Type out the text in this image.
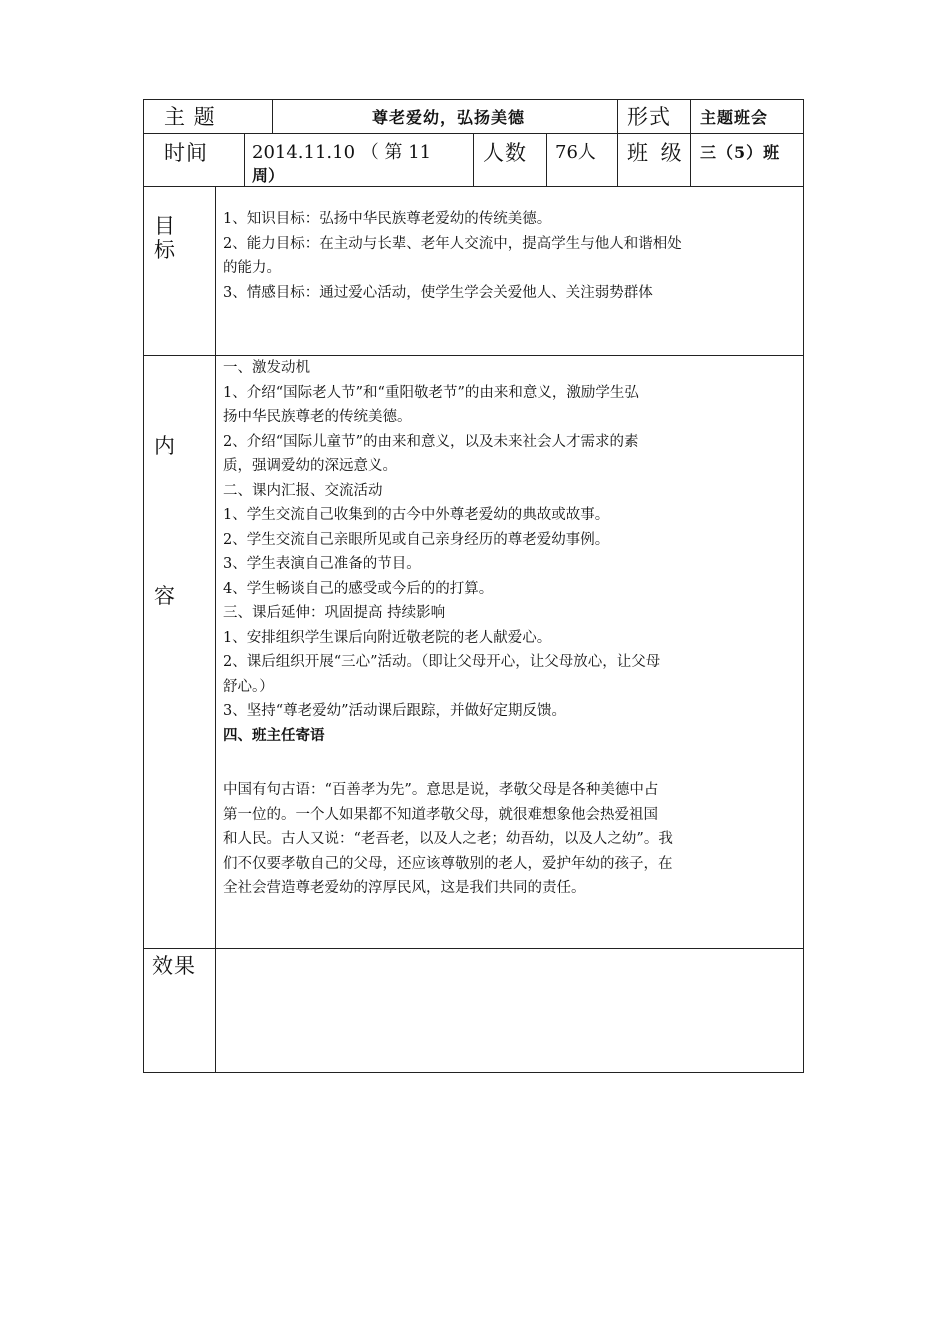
主 题	尊老爱幼，弘扬美德	形式 主题班会
时间 2014.11.10 （ 第 11
周）
人数 76人 班 级 三（5）班
目
标
1、知识目标：弘扬中华民族尊老爱幼的传统美德。
2、能力目标：在主动与长辈、老年人交流中，提高学生与他人和谐相处
的能力。
3、情感目标：通过爱心活动，使学生学会关爱他人、关注弱势群体
内
容
一、激发动机
1、介绍“国际老人节”和“重阳敬老节”的由来和意义，激励学生弘
扬中华民族尊老的传统美德。
2、介绍“国际儿童节”的由来和意义，以及未来社会人才需求的素
质，强调爱幼的深远意义。
二、课内汇报、交流活动
1、学生交流自己收集到的古今中外尊老爱幼的典故或故事。
2、学生交流自己亲眼所见或自己亲身经历的尊老爱幼事例。
3、学生表演自己准备的节目。
4、学生畅谈自己的感受或今后的的打算。
三、课后延伸：巩固提高 持续影响
1、安排组织学生课后向附近敬老院的老人献爱心。
2、课后组织开展“三心”活动。（即让父母开心，让父母放心，让父母
舒心。）
3、坚持“尊老爱幼”活动课后跟踪，并做好定期反馈。
四、班主任寄语
中国有句古语：“百善孝为先”。意思是说，孝敬父母是各种美德中占
第一位的。一个人如果都不知道孝敬父母，就很难想象他会热爱祖国
和人民。古人又说：“老吾老，以及人之老；幼吾幼，以及人之幼”。我
们不仅要孝敬自己的父母，还应该尊敬别的老人，爱护年幼的孩子，在
全社会营造尊老爱幼的淳厚民风，这是我们共同的责任。
效果
